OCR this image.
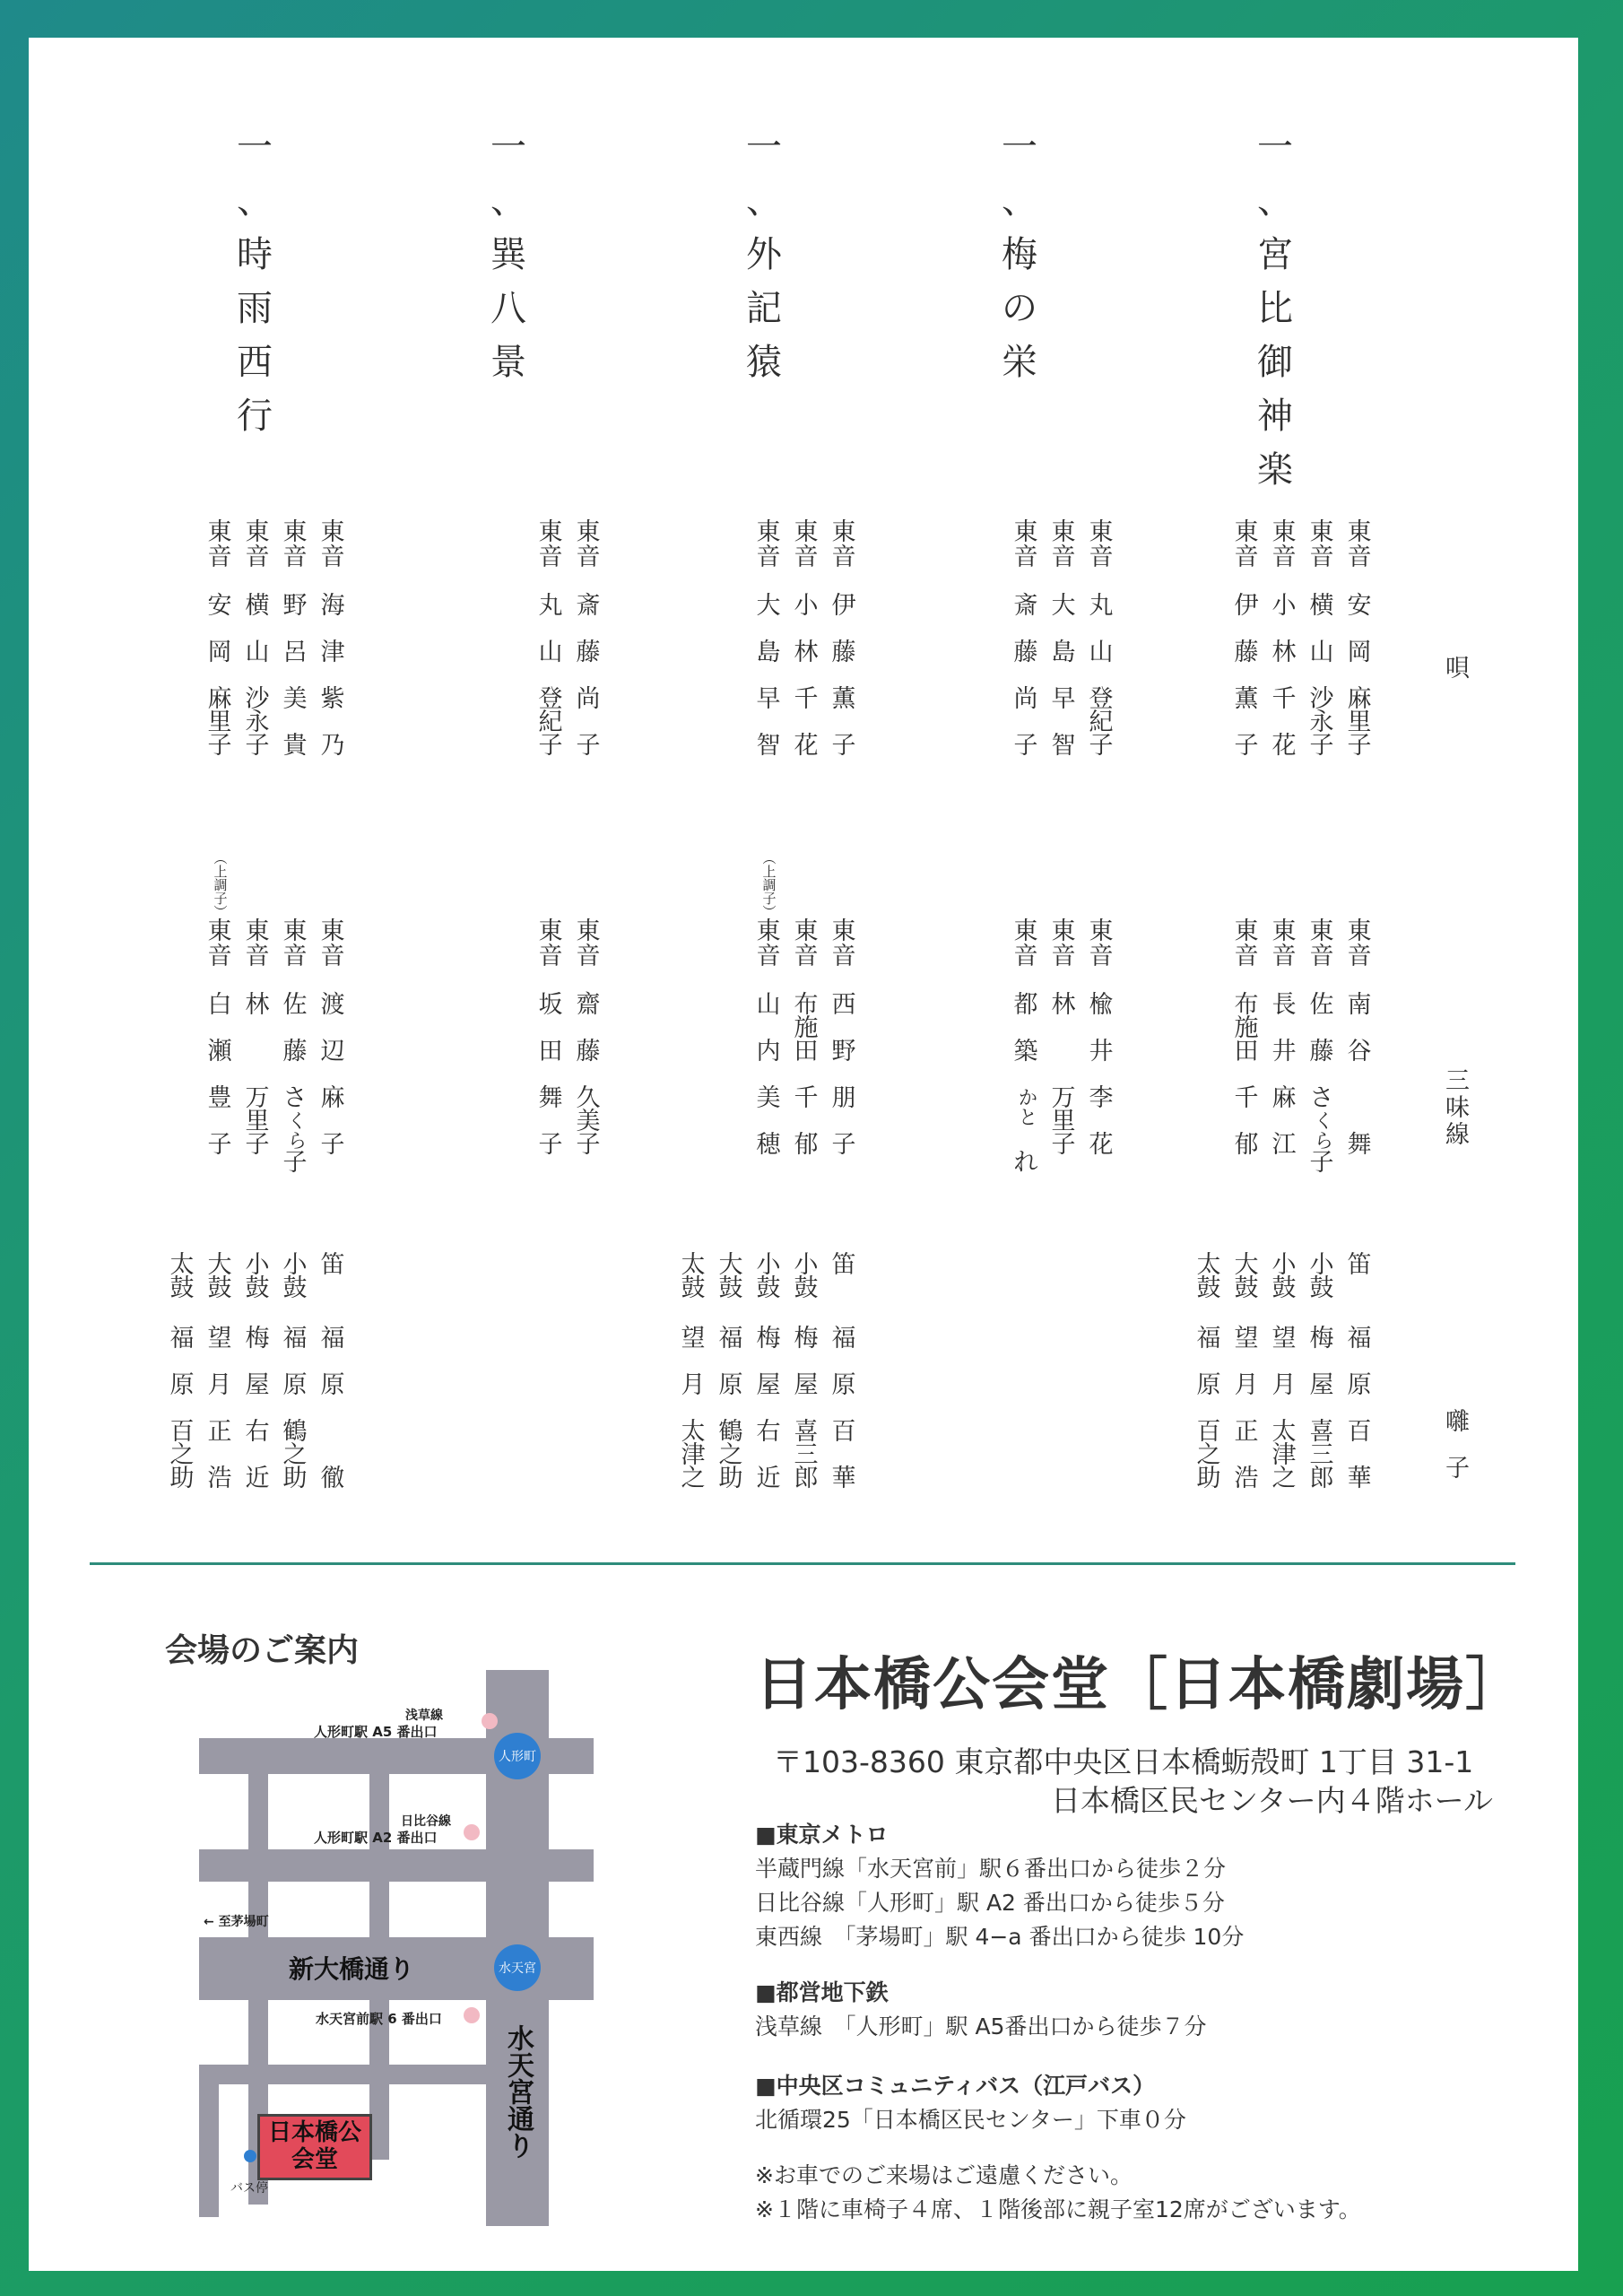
一
、
宮
比
御
神
楽
一
、
梅
の
栄
一
、
外
記
猿
一
、
巽
八
景
一
、
時
雨
西
行
東
音
安
岡
麻
里
子
東
音
横
山
沙
永
子
東
音
小
林
千
花
東
音
伊
藤
薫
子
東
音
丸
山
登
紀
子
東
音
大
島
早
智
東
音
斎
藤
尚
子
東
音
伊
藤
薫
子
東
音
小
林
千
花
東
音
大
島
早
智
東
音
斎
藤
尚
子
東
音
丸
山
登
紀
子
東
音
海
津
紫
乃
東
音
野
呂
美
貴
東
音
横
山
沙
永
子
東
音
安
岡
麻
里
子
東
音
南
谷
舞
東
音
佐
藤
さ
くら
子
東
音
長
井
麻
江
東
音
布
施
田
千
郁
東
音
楡
井
李
花
東
音
林
万
里
子
東
音
都
築
かと
れ
東
音
西
野
朋
子
東
音
布
施
田
千
郁
（上調子）
東
音
山
内
美
穂
東
音
齋
藤
久
美
子
東
音
坂
田
舞
子
東
音
渡
辺
麻
子
東
音
佐
藤
さ
くら
子
東
音
林
万
里
子
（上調子）
東
音
白
瀬
豊
子
笛
福
原
百
華
小
鼓
梅
屋
喜
三
郎
小
鼓
望
月
太
津
之
大
鼓
望
月
正
浩
太
鼓
福
原
百
之
助
笛
福
原
百
華
小
鼓
梅
屋
喜
三
郎
小
鼓
梅
屋
右
近
大
鼓
福
原
鶴
之
助
太
鼓
望
月
太
津
之
笛
福
原
徹
小
鼓
福
原
鶴
之
助
小
鼓
梅
屋
右
近
大
鼓
望
月
正
浩
太
鼓
福
原
百
之
助
唄
三
味
線
囃
子
会場のご案内
浅草線
人形町駅 A5 番出口
日比谷線
人形町駅 A2 番出口
← 至茅場町
新大橋通り
水天宮前駅 6 番出口
人形町
水天宮
水天宮通り
日本橋公会堂
バス停
日本橋公会堂［日本橋劇場］
〒103-8360 東京都中央区日本橋蛎殻町 1丁目 31-1
日本橋区民センター内４階ホール
■東京メトロ
半蔵門線「水天宮前」駅６番出口から徒歩２分
日比谷線「人形町」駅 A2 番出口から徒歩５分
東西線　「茅場町」駅 4−a 番出口から徒歩 10分
■都営地下鉄
浅草線　「人形町」駅 A5番出口から徒歩７分
■中央区コミュニティバス（江戸バス）
北循環25「日本橋区民センター」下車０分
※お車でのご来場はご遠慮ください。
※１階に車椅子４席、１階後部に親子室12席がございます。
